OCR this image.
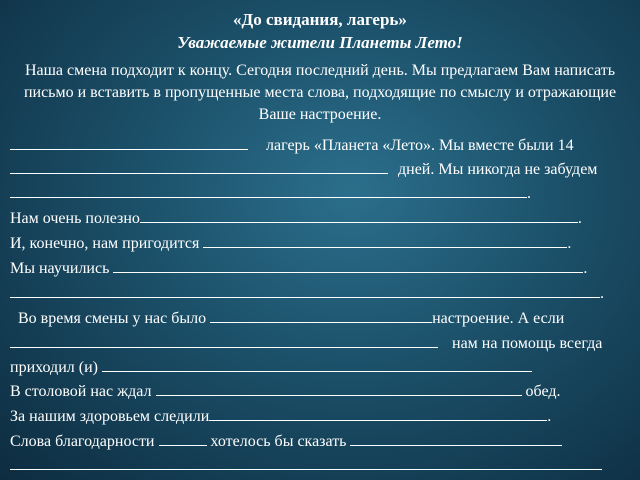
«До свидания, лагерь»
Уважаемые жители Планеты Лето!
Наша смена подходит к концу. Сегодня последний день. Мы предлагаем Вам написать письмо и вставить в пропущенные места слова, подходящие по смыслу и отражающие Ваше настроение.
лагерь «Планета «Лето». Мы вместе были 14
дней. Мы никогда не забудем
.
Нам очень полезно	.
И, конечно, нам пригодится	.
Мы научились	.
.
Во время смены у нас было	настроение. А если
нам на помощь всегда
приходил (и)
В столовой нас ждал	обед.
За нашим здоровьем следили	.
Слова благодарности	хотелось бы сказать
